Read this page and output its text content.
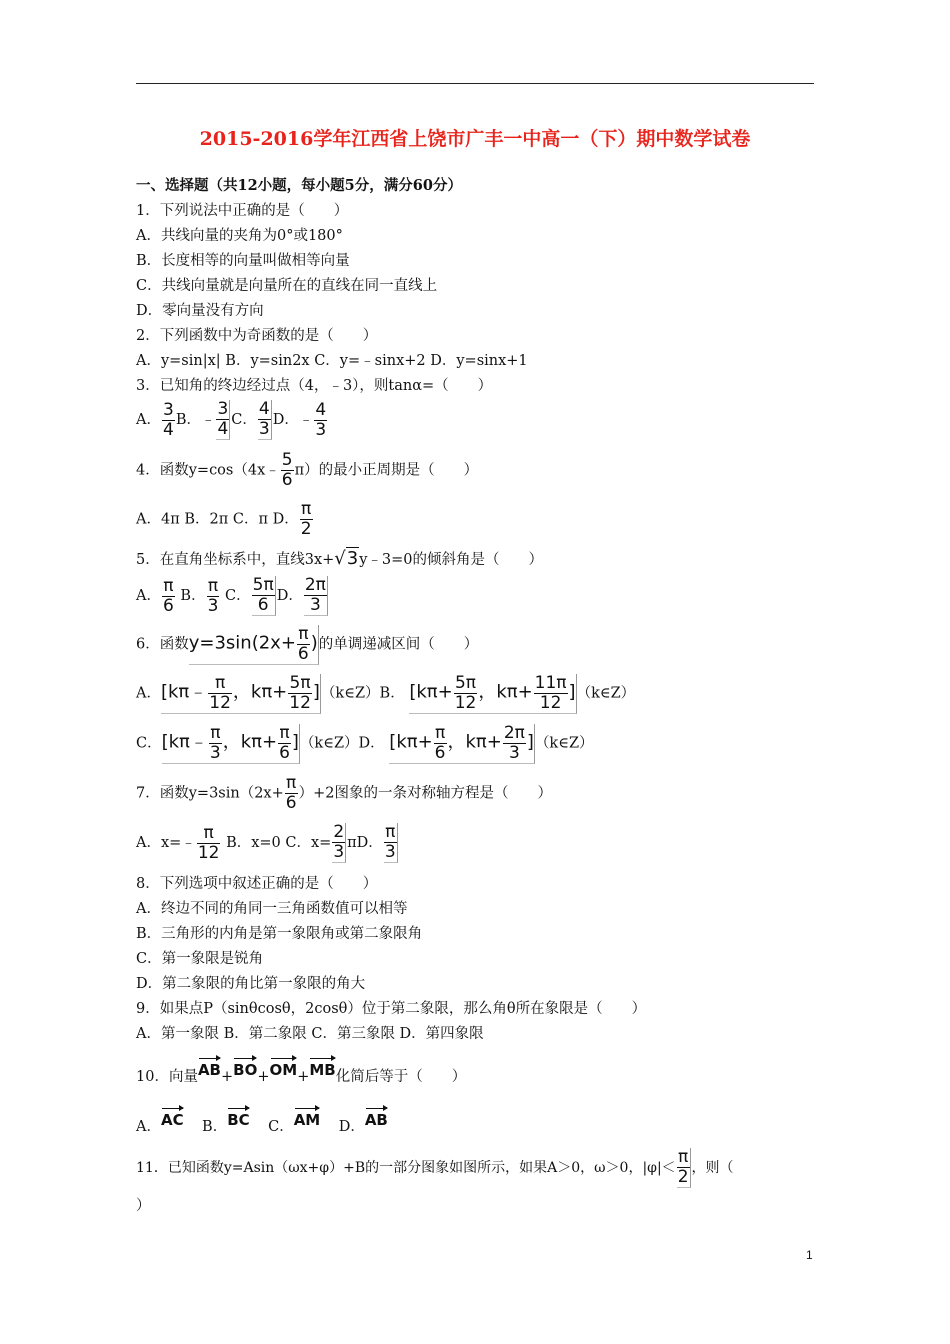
2015-2016学年江西省上饶市广丰一中高一（下）期中数学试卷
一、选择题（共12小题，每小题5分，满分60分）
1．下列说法中正确的是（　　）
A．共线向量的夹角为0°或180°
B．长度相等的向量叫做相等向量
C．共线向量就是向量所在的直线在同一直线上
D．零向量没有方向
2．下列函数中为奇函数的是（　　）
A．y=sin|x| B．y=sin2x C．y=﹣sinx+2 D．y=sinx+1
3．已知角的终边经过点（4，﹣3），则tanα=（　　）
A． $\frac{3}{4}$ B．﹣ $\frac{3}{4}$ C． $\frac{4}{3}$ D．﹣ $\frac{4}{3}$
4．函数y=cos（4x﹣ $\frac{5}{6} \pi$）的最小正周期是（　　）
A．4π B．2π C．π D． $\frac{\pi}{2}$
5．在直角坐标系中，直线3x+√3y﹣3=0的倾斜角是（　　）
A． $\frac{\pi}{6}$ B． $\frac{\pi}{3}$ C． $\frac{5\pi}{6}$ D． $\frac{2\pi}{3}$
6．函数$y=3\sin(2x+ \frac{\pi}{6}$ )的单调递减区间（　　）
A．[kπ﹣ $\frac{\pi}{12}$ ，$k\pi+ \frac{5\pi}{12}$ ]（k∈Z）B． [$k\pi+ \frac{5\pi}{12}$ ，$k\pi+ \frac{11\pi}{12}$ ]（k∈Z）
C．[kπ﹣ $\frac{\pi}{3}$ ，$k\pi+ \frac{\pi}{6}$ ]（k∈Z）D． [$k\pi+ \frac{\pi}{6}$ ，$k\pi+ \frac{2\pi}{3}$ ]（k∈Z）
7．函数$y=3\sin(2x+ \frac{\pi}{6} )+2$图象的一条对称轴方程是（　　）
A．x=﹣ $\frac{\pi}{12}$ B．x=0 C．$x= \frac{2}{3}$ πD． $\frac{\pi}{3}$
8．下列选项中叙述正确的是（　　）
A．终边不同的角同一三角函数值可以相等
B．三角形的内角是第一象限角或第二象限角
C．第一象限是锐角
D．第二象限的角比第一象限的角大
9．如果点P（sinθcosθ，2cosθ）位于第二象限，那么角θ所在象限是（　　）
A．第一象限 B．第二象限 C．第三象限 D．第四象限
10．向量AB+BO+OM+MB化简后等于（　　）
A．AC B．BC C．AM D．AB
11．已知函数y=Asin（ωx+φ）+B的一部分图象如图所示，如果A＞0，ω＞0，$|\varphi|< \frac{\pi}{2}$ ，则（
）
1
